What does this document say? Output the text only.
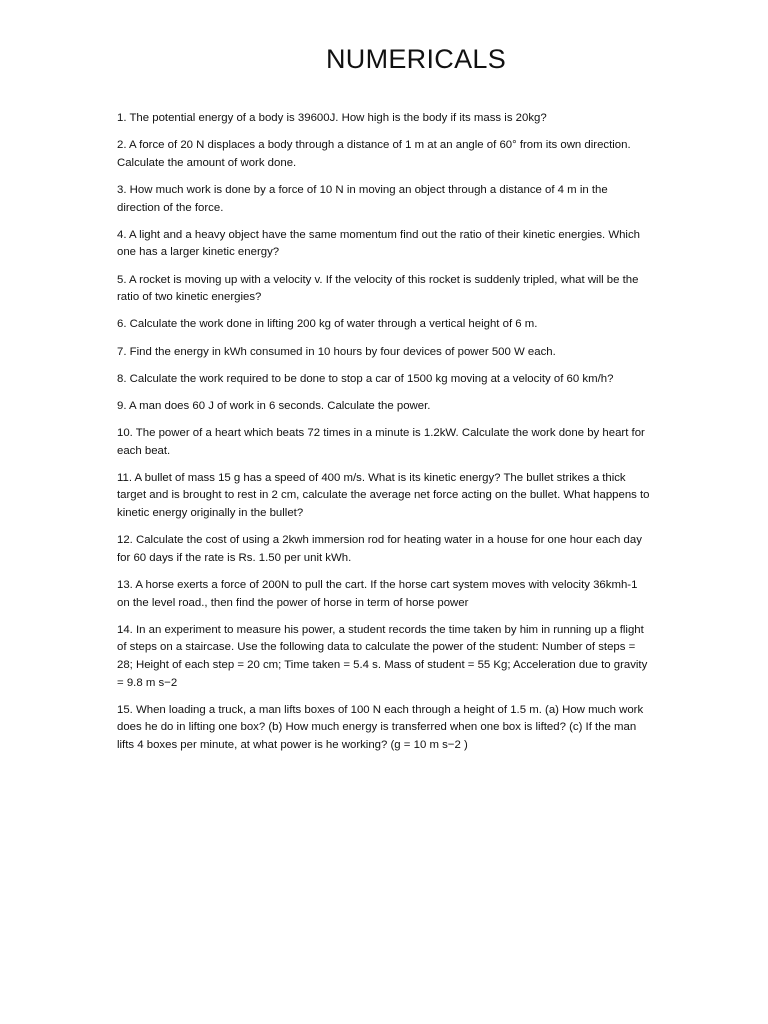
NUMERICALS
1. The potential energy of a body is 39600J. How high is the body if its mass is 20kg?
2. A force of 20 N displaces a body through a distance of 1 m at an angle of 60° from its own direction. Calculate the amount of work done.
3. How much work is done by a force of 10 N in moving an object through a distance of 4 m in the direction of the force.
4. A light and a heavy object have the same momentum find out the ratio of their kinetic energies. Which one has a larger kinetic energy?
5. A rocket is moving up with a velocity v. If the velocity of this rocket is suddenly tripled, what will be the ratio of two kinetic energies?
6. Calculate the work done in lifting 200 kg of water through a vertical height of 6 m.
7. Find the energy in kWh consumed in 10 hours by four devices of power 500 W each.
8. Calculate the work required to be done to stop a car of 1500 kg moving at a velocity of 60 km/h?
9. A man does 60 J of work in 6 seconds. Calculate the power.
10. The power of a heart which beats 72 times in a minute is 1.2kW. Calculate the work done by heart for each beat.
11. A bullet of mass 15 g has a speed of 400 m/s. What is its kinetic energy? The bullet strikes a thick target and is brought to rest in 2 cm, calculate the average net force acting on the bullet. What happens to kinetic energy originally in the bullet?
12. Calculate the cost of using a 2kwh immersion rod for heating water in a house for one hour each day for 60 days if the rate is Rs. 1.50 per unit kWh.
13. A horse exerts a force of 200N to pull the cart. If the horse cart system moves with velocity 36kmh-1 on the level road., then find the power of horse in term of horse power
14. In an experiment to measure his power, a student records the time taken by him in running up a flight of steps on a staircase. Use the following data to calculate the power of the student: Number of steps = 28; Height of each step = 20 cm; Time taken = 5.4 s. Mass of student = 55 Kg; Acceleration due to gravity = 9.8 m s−2
15. When loading a truck, a man lifts boxes of 100 N each through a height of 1.5 m. (a) How much work does he do in lifting one box? (b) How much energy is transferred when one box is lifted? (c) If the man lifts 4 boxes per minute, at what power is he working? (g = 10 m s−2 )
